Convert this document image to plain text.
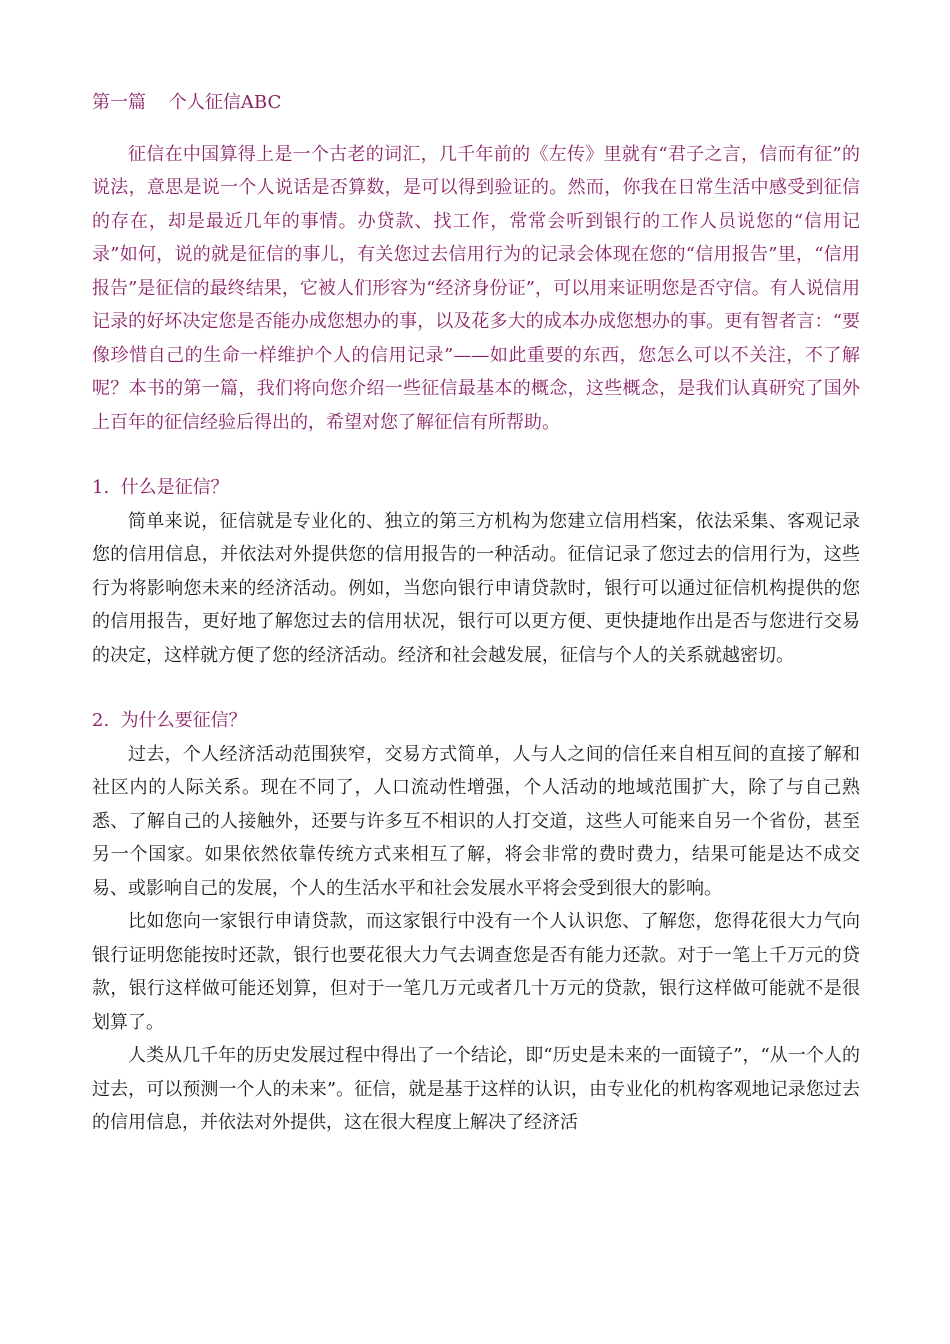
第一篇    个人征信ABC

征信在中国算得上是一个古老的词汇，几千年前的《左传》里就有“君子之言，信而有征”的说法，意思是说一个人说话是否算数，是可以得到验证的。然而，你我在日常生活中感受到征信的存在，却是最近几年的事情。办贷款、找工作，常常会听到银行的工作人员说您的“信用记录”如何，说的就是征信的事儿，有关您过去信用行为的记录会体现在您的“信用报告”里，“信用报告”是征信的最终结果，它被人们形容为“经济身份证”，可以用来证明您是否守信。有人说信用记录的好坏决定您是否能办成您想办的事，以及花多大的成本办成您想办的事。更有智者言：“要像珍惜自己的生命一样维护个人的信用记录”——如此重要的东西，您怎么可以不关注，不了解呢？本书的第一篇，我们将向您介绍一些征信最基本的概念，这些概念，是我们认真研究了国外上百年的征信经验后得出的，希望对您了解征信有所帮助。

1.  什么是征信？

简单来说，征信就是专业化的、独立的第三方机构为您建立信用档案，依法采集、客观记录您的信用信息，并依法对外提供您的信用报告的一种活动。征信记录了您过去的信用行为，这些行为将影响您未来的经济活动。例如，当您向银行申请贷款时，银行可以通过征信机构提供的您的信用报告，更好地了解您过去的信用状况，银行可以更方便、更快捷地作出是否与您进行交易的决定，这样就方便了您的经济活动。经济和社会越发展，征信与个人的关系就越密切。

2.  为什么要征信？

过去，个人经济活动范围狭窄，交易方式简单，人与人之间的信任来自相互间的直接了解和社区内的人际关系。现在不同了，人口流动性增强，个人活动的地域范围扩大，除了与自己熟悉、了解自己的人接触外，还要与许多互不相识的人打交道，这些人可能来自另一个省份，甚至另一个国家。如果依然依靠传统方式来相互了解，将会非常的费时费力，结果可能是达不成交易、或影响自己的发展，个人的生活水平和社会发展水平将会受到很大的影响。

比如您向一家银行申请贷款，而这家银行中没有一个人认识您、了解您，您得花很大力气向银行证明您能按时还款，银行也要花很大力气去调查您是否有能力还款。对于一笔上千万元的贷款，银行这样做可能还划算，但对于一笔几万元或者几十万元的贷款，银行这样做可能就不是很划算了。

人类从几千年的历史发展过程中得出了一个结论，即“历史是未来的一面镜子”，“从一个人的过去，可以预测一个人的未来”。征信，就是基于这样的认识，由专业化的机构客观地记录您过去的信用信息，并依法对外提供，这在很大程度上解决了经济活
